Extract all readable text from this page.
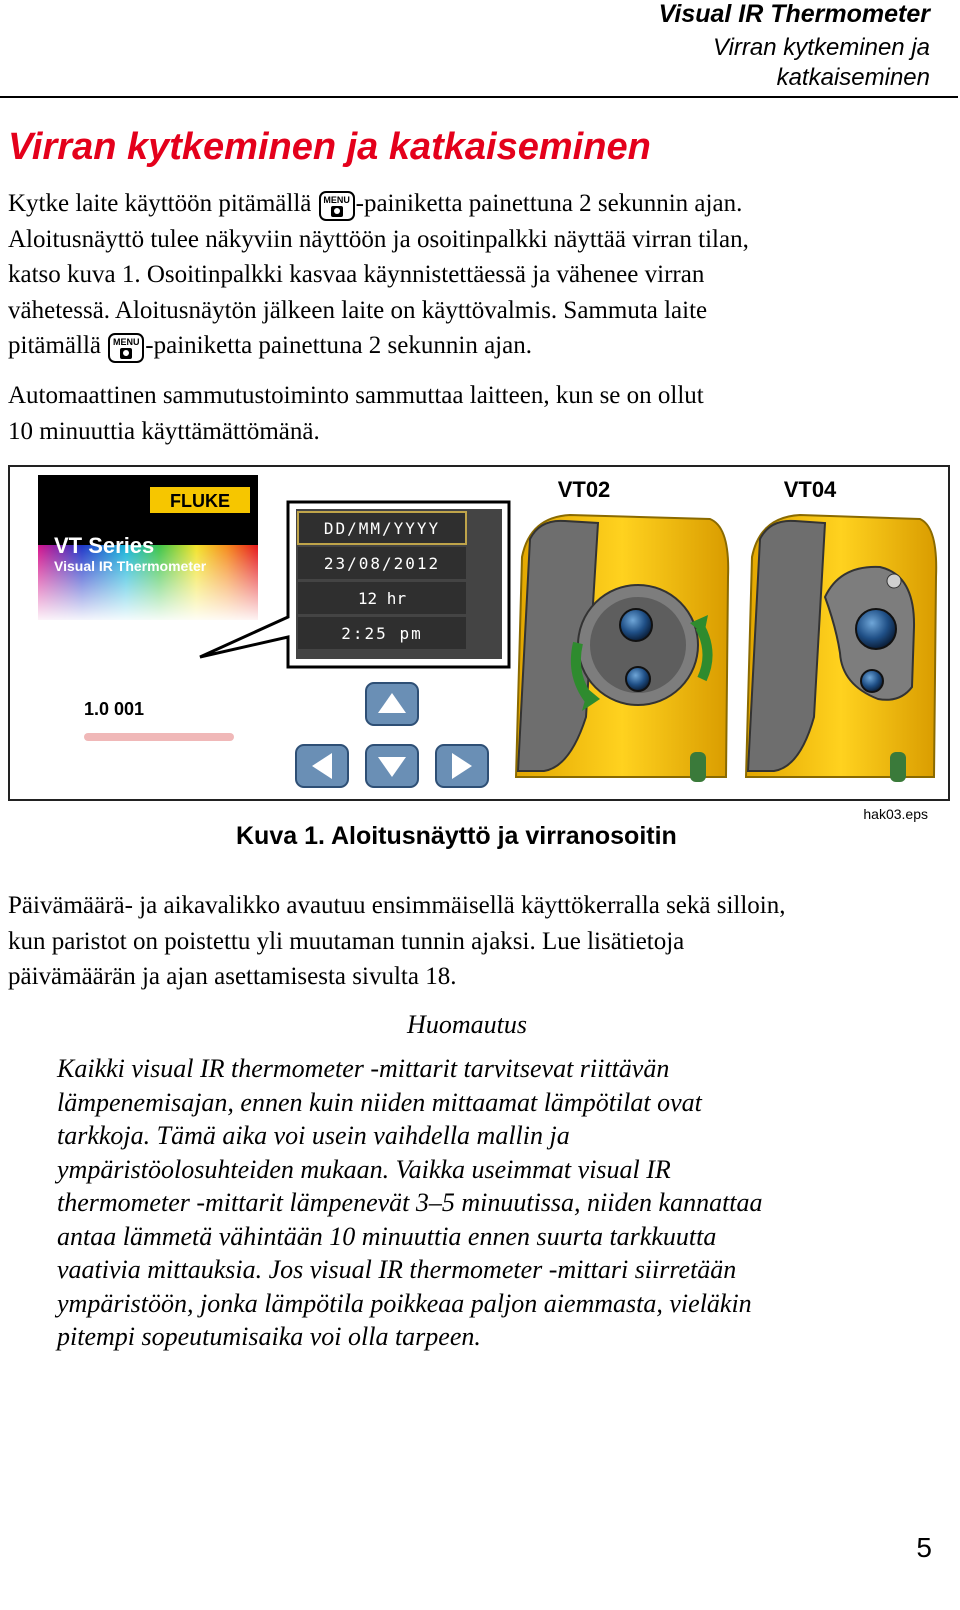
Visual IR Thermometer
Virran kytkeminen ja
katkaiseminen
Virran kytkeminen ja katkaiseminen
Kytke laite käyttöön pitämällä	MENU -painiketta painettuna 2 sekunnin ajan.
Aloitusnäyttö tulee näkyviin näyttöön ja osoitinpalkki näyttää virran tilan,
katso kuva 1. Osoitinpalkki kasvaa käynnistettäessä ja vähenee virran
vähetessä. Aloitusnäytön jälkeen laite on käyttövalmis. Sammuta laite
pitämällä	MENU -painiketta painettuna 2 sekunnin ajan.
Automaattinen sammutustoiminto sammuttaa laitteen, kun se on ollut
10 minuuttia käyttämättömänä.
FLUKE
VT Series
Visual IR Thermometer
1.0 001
DD/MM/YYYY
23/08/2012
12 hr
2:25 pm
VT02	VT04
hak03.eps
Kuva 1. Aloitusnäyttö ja virranosoitin
Päivämäärä- ja aikavalikko avautuu ensimmäisellä käyttökerralla sekä silloin,
kun paristot on poistettu yli muutaman tunnin ajaksi. Lue lisätietoja
päivämäärän ja ajan asettamisesta sivulta 18.
Huomautus
Kaikki visual IR thermometer -mittarit tarvitsevat riittävän
lämpenemisajan, ennen kuin niiden mittaamat lämpötilat ovat
tarkkoja. Tämä aika voi usein vaihdella mallin ja
ympäristöolosuhteiden mukaan. Vaikka useimmat visual IR
thermometer -mittarit lämpenevät 3–5 minuutissa, niiden kannattaa
antaa lämmetä vähintään 10 minuuttia ennen suurta tarkkuutta
vaativia mittauksia. Jos visual IR thermometer -mittari siirretään
ympäristöön, jonka lämpötila poikkeaa paljon aiemmasta, vieläkin
pitempi sopeutumisaika voi olla tarpeen.
5
